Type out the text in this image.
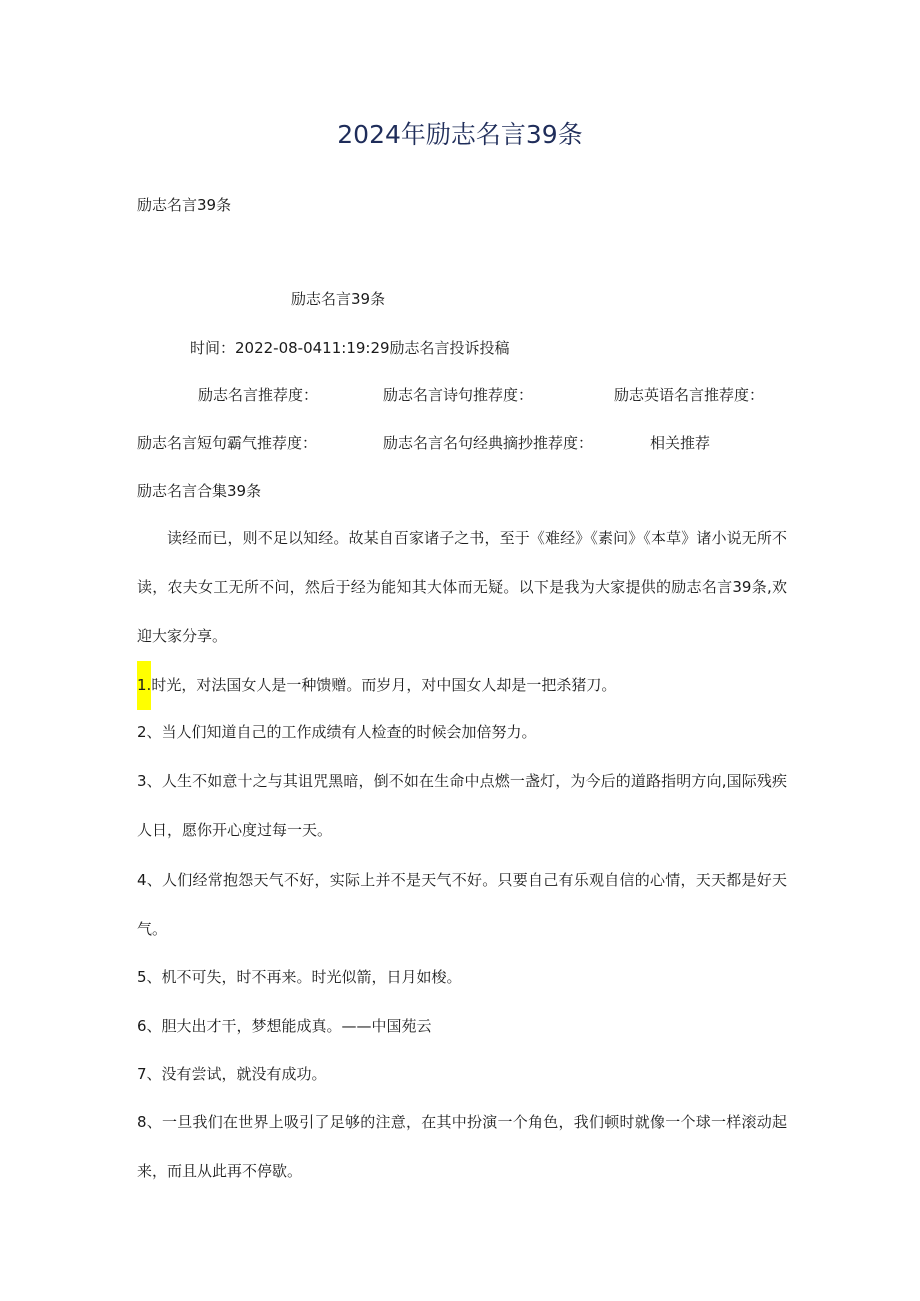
2024年励志名言39条

励志名言39条

励志名言39条

时间：2022-08-0411:19:29励志名言投诉投稿

励志名言推荐度：	励志名言诗句推荐度：	励志英语名言推荐度：

励志名言短句霸气推荐度：	励志名言名句经典摘抄推荐度：	相关推荐

励志名言合集39条

读经而已，则不足以知经。故某自百家诸子之书，至于《难经》《素问》《本草》诸小说无所不读，农夫女工无所不问，然后于经为能知其大体而无疑。以下是我为大家提供的励志名言39条,欢迎大家分享。

1.时光，对法国女人是一种馈赠。而岁月，对中国女人却是一把杀猪刀。

2、当人们知道自己的工作成绩有人检查的时候会加倍努力。

3、人生不如意十之与其诅咒黑暗，倒不如在生命中点燃一盏灯，为今后的道路指明方向,国际残疾人日，愿你开心度过每一天。

4、人们经常抱怨天气不好，实际上并不是天气不好。只要自己有乐观自信的心情，天天都是好天气。

5、机不可失，时不再来。时光似箭，日月如梭。

6、胆大出才干，梦想能成真。——中国苑云

7、没有尝试，就没有成功。

8、一旦我们在世界上吸引了足够的注意，在其中扮演一个角色，我们顿时就像一个球一样滚动起来，而且从此再不停歇。
